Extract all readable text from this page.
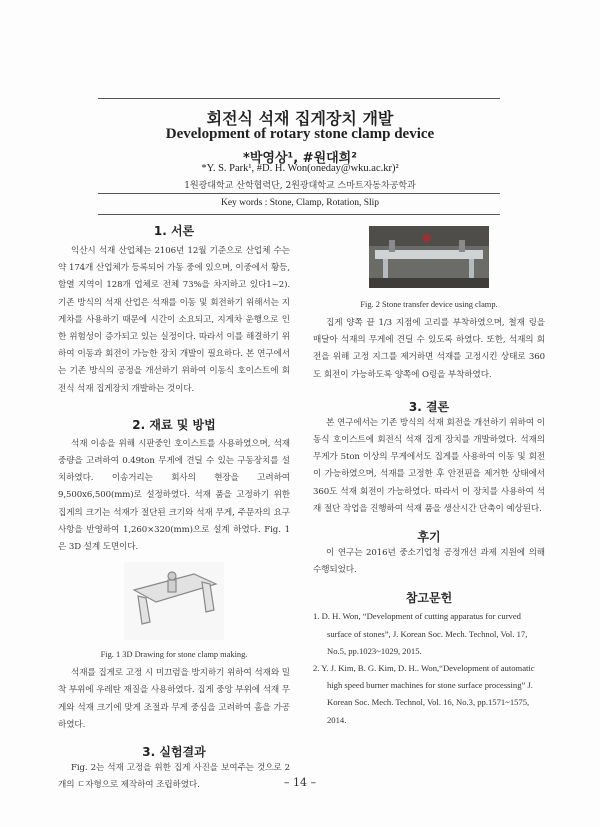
회전식 석재 집게장치 개발
Development of rotary stone clamp device
*박영상¹, #원대희²
*Y. S. Park¹, #D. H. Won(oneday@wku.ac.kr)²
1원광대학교 산학협력단, 2원광대학교 스마트자동차공학과
Key words : Stone, Clamp, Rotation, Slip

1. 서론

익산시 석재 산업체는 2106년 12월 기준으로 산업체 수는 약 174개 산업체가 등록되어 가동 중에 있으며, 이중에서 황등, 함열 지역이 128개 업체로 전체 73%을 차지하고 있다1~2).기존 방식의 석재 산업은 석재를 이동 및 회전하기 위해서는 지게차를 사용하기 때문에 시간이 소요되고, 지게차 운행으로 인한 위험성이 증가되고 있는 실정이다. 따라서 이를 해결하기 위하여 이동과 회전이 가능한 장치 개발이 필요하다. 본 연구에서는 기존 방식의 공정을 개선하기 위하여 이동식 호이스트에 회전식 석재 집게장치 개발하는 것이다.

2. 재료 및 방법

석재 이송을 위해 시판중인 호이스트를 사용하였으며, 석재 중량을 고려하여 0.49ton 무게에 견딜 수 있는 구동장치를 설치하였다. 이송거리는 회사의 현장을 고려하여 9,500x6,500(mm)로 설정하였다. 석재 품을 고정하기 위한 집게의 크기는 석재가 절단된 크기와 석재 무게, 주문자의 요구사항을 반영하여 1,260×320(mm)으로 설계 하였다. Fig. 1은 3D 설계 도면이다.

Fig. 1 3D Drawing for stone clamp making.

석재를 집게로 고정 시 미끄럼을 방지하기 위하여 석재와 밀착 부위에 우레탄 재질을 사용하였다. 집게 중앙 부위에 석재 무게와 석재 크기에 맞게 조절과 무게 중심을 고려하여 홈을 가공하였다.

3. 실험결과

Fig. 2는 석재 고정을 위한 집게 사진을 보여주는 것으로 2개의 ㄷ자형으로 제작하여 조립하였다.

Fig. 2 Stone transfer device using clamp.

집게 양쪽 끝 1/3 지점에 고리를 부착하였으며, 철재 링을 매달아 석재의 무게에 견딜 수 있도록 하였다. 또한, 석재의 회전을 위해 고정 지그를 제거하면 석재를 고정시킨 상태로 360도 회전이 가능하도록 양쪽에 O링을 부착하였다.

3. 결론

본 연구에서는 기존 방식의 석재 회전을 개선하기 위하여 이동식 호이스트에 회전식 석재 집게 장치를 개발하였다. 석재의 무게가 5ton 이상의 무게에서도 집게를 사용하여 이동 및 회전이 가능하였으며, 석재를 고정한 후 안전핀을 제거한 상태에서 360도 석재 회전이 가능하였다. 따라서 이 장치를 사용하여 석재 절단 작업을 진행하여 석재 품을 생산시간 단축이 예상된다.

후기

이 연구는 2016년 중소기업청 공정개선 과제 지원에 의해 수행되었다.

참고문헌

1. D. H. Won, “Development of cutting apparatus for curved surface of stones”, J. Korean Soc. Mech. Technol, Vol. 17, No.5, pp.1023~1029, 2015.

2. Y. J. Kim, B. G. Kim, D. H.. Won,“Development of automatic high speed burner machines for stone surface processing” J. Korean Soc. Mech. Technol, Vol. 16, No.3, pp.1571~1575, 2014.

– 14 –
